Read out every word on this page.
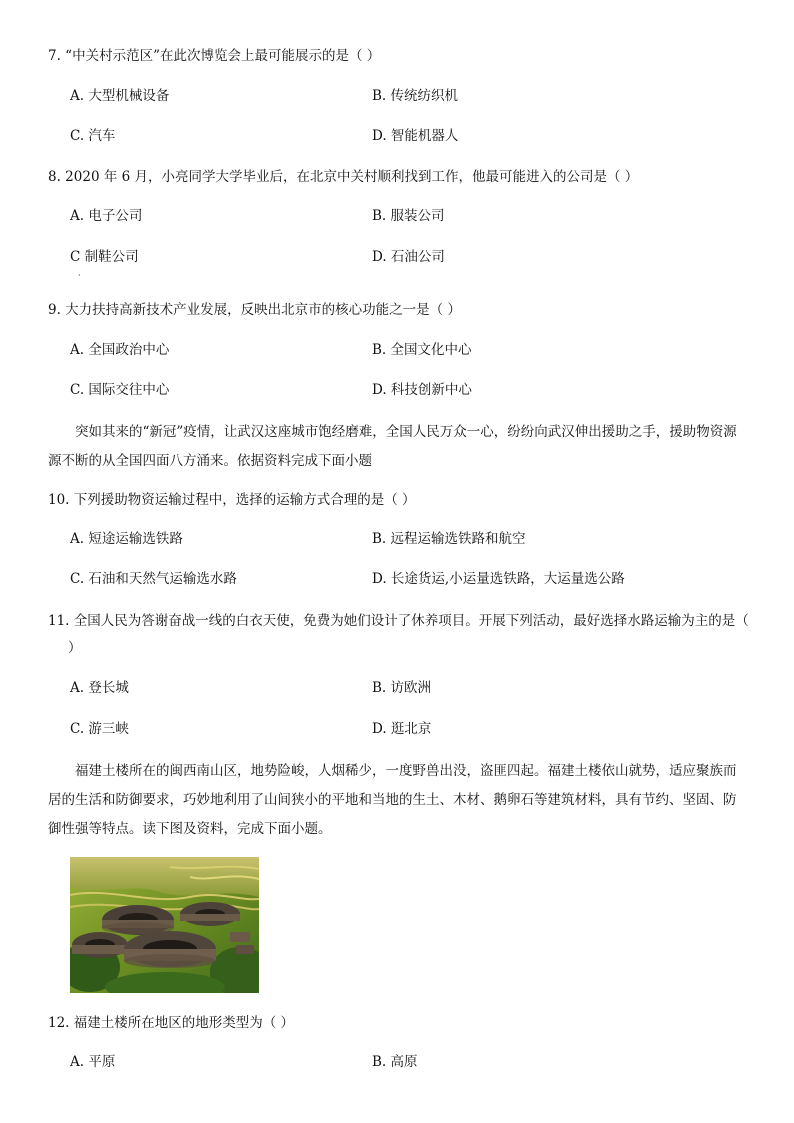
7. “中关村示范区”在此次博览会上最可能展示的是（ ）
A. 大型机械设备	B. 传统纺织机
C. 汽车	D. 智能机器人
8. 2020 年 6 月，小亮同学大学毕业后，在北京中关村顺利找到工作，他最可能进入的公司是（ ）
A. 电子公司	B. 服装公司
C 制鞋公司	D. 石油公司
·
9. 大力扶持高新技术产业发展，反映出北京市的核心功能之一是（ ）
A. 全国政治中心	B. 全国文化中心
C. 国际交往中心	D. 科技创新中心
突如其来的“新冠”疫情，让武汉这座城市饱经磨难，全国人民万众一心，纷纷向武汉伸出援助之手，援助物资源源不断的从全国四面八方涌来。依据资料完成下面小题
10. 下列援助物资运输过程中，选择的运输方式合理的是（ ）
A. 短途运输选铁路	B. 远程运输选铁路和航空
C. 石油和天然气运输选水路	D. 长途货运,小运量选铁路，大运量选公路
11. 全国人民为答谢奋战一线的白衣天使，免费为她们设计了休养项目。开展下列活动，最好选择水路运输为主的是（ ）
A. 登长城	B. 访欧洲
C. 游三峡	D. 逛北京
福建土楼所在的闽西南山区，地势险峻，人烟稀少，一度野兽出没，盗匪四起。福建土楼依山就势，适应聚族而居的生活和防御要求，巧妙地利用了山间狭小的平地和当地的生土、木材、鹅卵石等建筑材料，具有节约、坚固、防御性强等特点。读下图及资料，完成下面小题。
12. 福建土楼所在地区的地形类型为（ ）
A. 平原	B. 高原
